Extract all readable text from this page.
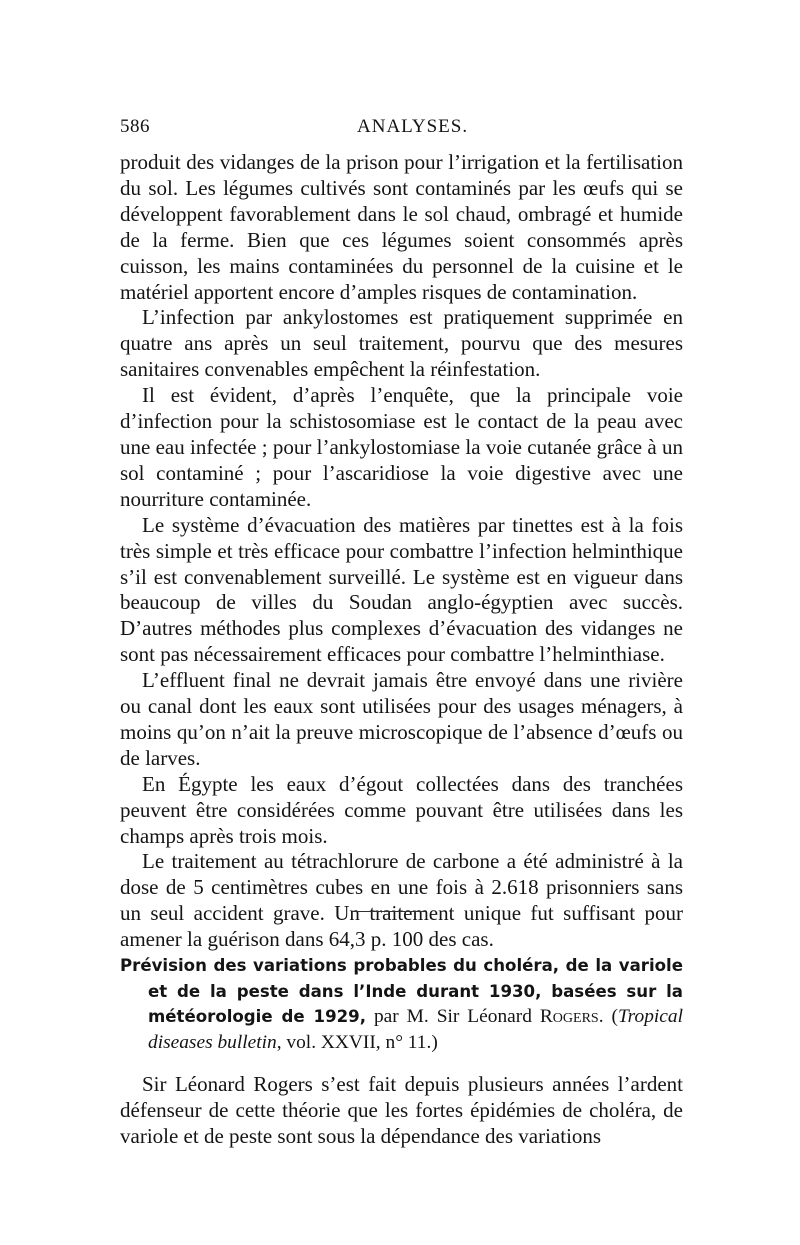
586	ANALYSES.

produit des vidanges de la prison pour l’irrigation et la fertilisation du sol. Les légumes cultivés sont contaminés par les œufs qui se développent favorablement dans le sol chaud, ombragé et humide de la ferme. Bien que ces légumes soient consommés après cuisson, les mains contaminées du personnel de la cuisine et le matériel apportent encore d’amples risques de contamination.

L’infection par ankylostomes est pratiquement supprimée en quatre ans après un seul traitement, pourvu que des mesures sanitaires convenables empêchent la réinfestation.

Il est évident, d’après l’enquête, que la principale voie d’infection pour la schistosomiase est le contact de la peau avec une eau infectée ; pour l’ankylostomiase la voie cutanée grâce à un sol contaminé ; pour l’ascaridiose la voie digestive avec une nourriture contaminée.

Le système d’évacuation des matières par tinettes est à la fois très simple et très efficace pour combattre l’infection helminthique s’il est convenablement surveillé. Le système est en vigueur dans beaucoup de villes du Soudan anglo-égyptien avec succès. D’autres méthodes plus complexes d’évacuation des vidanges ne sont pas nécessairement efficaces pour combattre l’helminthiase.

L’effluent final ne devrait jamais être envoyé dans une rivière ou canal dont les eaux sont utilisées pour des usages ménagers, à moins qu’on n’ait la preuve microscopique de l’absence d’œufs ou de larves.

En Égypte les eaux d’égout collectées dans des tranchées peuvent être considérées comme pouvant être utilisées dans les champs après trois mois.

Le traitement au tétrachlorure de carbone a été administré à la dose de 5 centimètres cubes en une fois à 2.618 prisonniers sans un seul accident grave. Un traitement unique fut suffisant pour amener la guérison dans 64,3 p. 100 des cas.

Prévision des variations probables du choléra, de la variole et de la peste dans l’Inde durant 1930, basées sur la météorologie de 1929, par M. Sir Léonard Rogers. (Tropical diseases bulletin, vol. XXVII, n° 11.)

Sir Léonard Rogers s’est fait depuis plusieurs années l’ardent défenseur de cette théorie que les fortes épidémies de choléra, de variole et de peste sont sous la dépendance des variations
